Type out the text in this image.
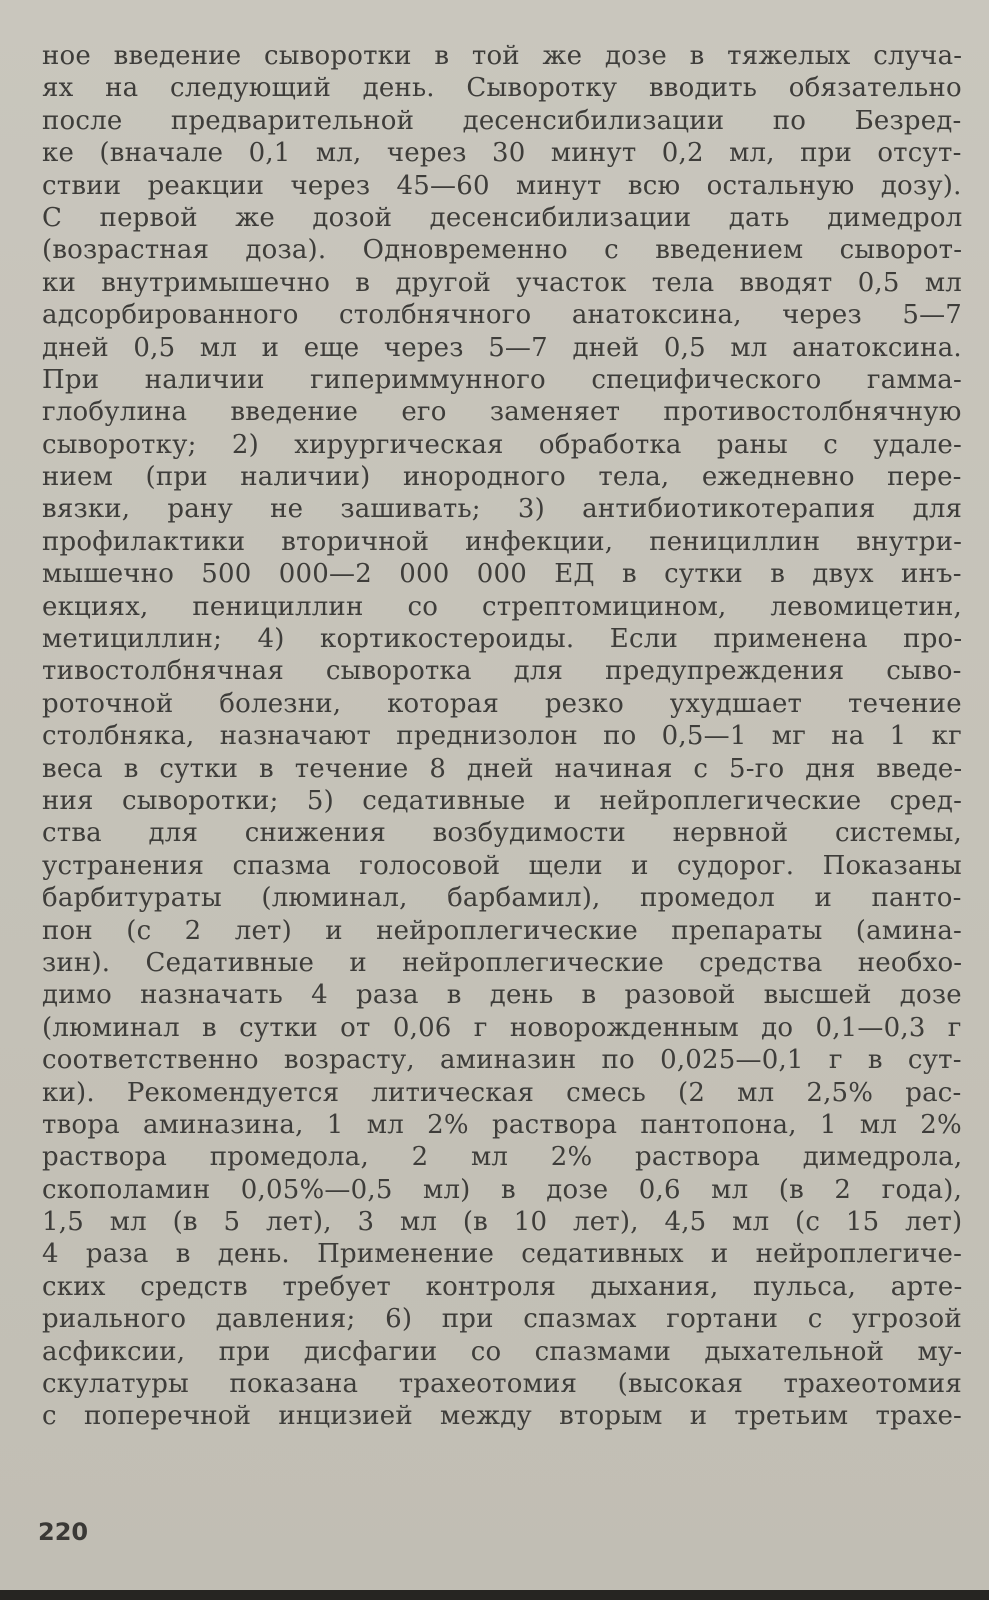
ное введение сыворотки в той же дозе в тяжелых случа-
ях на следующий день. Сыворотку вводить обязательно
после предварительной десенсибилизации по Безред-
ке (вначале 0,1 мл, через 30 минут 0,2 мл, при отсут-
ствии реакции через 45—60 минут всю остальную дозу).
С первой же дозой десенсибилизации дать димедрол
(возрастная доза). Одновременно с введением сыворот-
ки внутримышечно в другой участок тела вводят 0,5 мл
адсорбированного столбнячного анатоксина, через 5—7
дней 0,5 мл и еще через 5—7 дней 0,5 мл анатоксина.
При наличии гипериммунного специфического гамма-
глобулина введение его заменяет противостолбнячную
сыворотку; 2) хирургическая обработка раны с удале-
нием (при наличии) инородного тела, ежедневно пере-
вязки, рану не зашивать; 3) антибиотикотерапия для
профилактики вторичной инфекции, пенициллин внутри-
мышечно 500 000—2 000 000 ЕД в сутки в двух инъ-
екциях, пенициллин со стрептомицином, левомицетин,
метициллин; 4) кортикостероиды. Если применена про-
тивостолбнячная сыворотка для предупреждения сыво-
роточной болезни, которая резко ухудшает течение
столбняка, назначают преднизолон по 0,5—1 мг на 1 кг
веса в сутки в течение 8 дней начиная с 5-го дня введе-
ния сыворотки; 5) седативные и нейроплегические сред-
ства для снижения возбудимости нервной системы,
устранения спазма голосовой щели и судорог. Показаны
барбитураты (люминал, барбамил), промедол и панто-
пон (с 2 лет) и нейроплегические препараты (амина-
зин). Седативные и нейроплегические средства необхо-
димо назначать 4 раза в день в разовой высшей дозе
(люминал в сутки от 0,06 г новорожденным до 0,1—0,3 г
соответственно возрасту, аминазин по 0,025—0,1 г в сут-
ки). Рекомендуется литическая смесь (2 мл 2,5% рас-
твора аминазина, 1 мл 2% раствора пантопона, 1 мл 2%
раствора промедола, 2 мл 2% раствора димедрола,
скополамин 0,05%—0,5 мл) в дозе 0,6 мл (в 2 года),
1,5 мл (в 5 лет), 3 мл (в 10 лет), 4,5 мл (с 15 лет)
4 раза в день. Применение седативных и нейроплегиче-
ских средств требует контроля дыхания, пульса, арте-
риального давления; 6) при спазмах гортани с угрозой
асфиксии, при дисфагии со спазмами дыхательной му-
скулатуры показана трахеотомия (высокая трахеотомия
с поперечной инцизией между вторым и третьим трахе-
220
